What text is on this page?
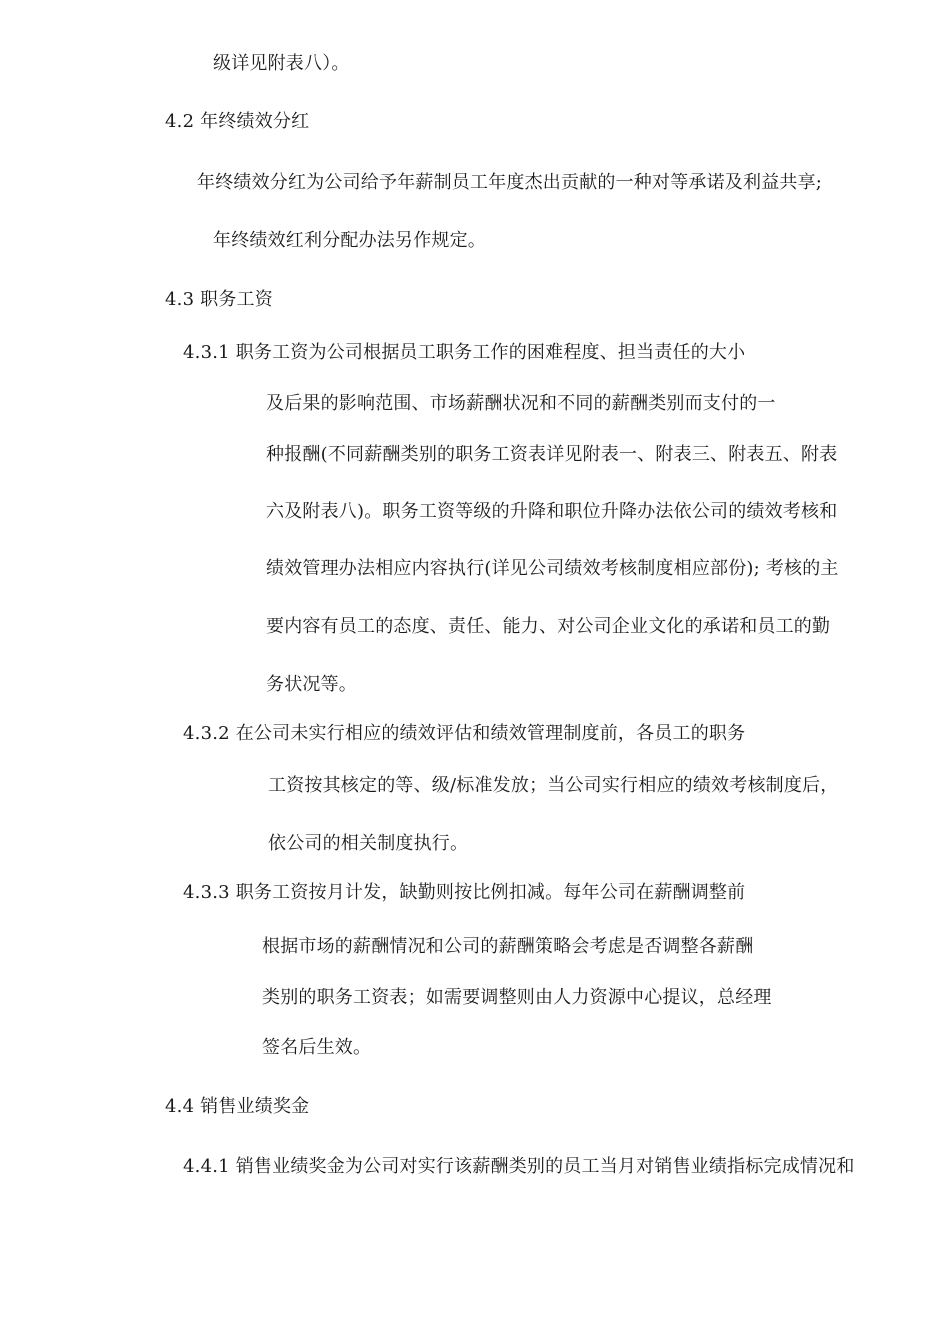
级详见附表八）。
4.2 年终绩效分红
年终绩效分红为公司给予年薪制员工年度杰出贡献的一种对等承诺及利益共享;
年终绩效红利分配办法另作规定。
4.3 职务工资
4.3.1 职务工资为公司根据员工职务工作的困难程度、担当责任的大小
及后果的影响范围、市场薪酬状况和不同的薪酬类别而支付的一
种报酬(不同薪酬类别的职务工资表详见附表一、附表三、附表五、附表
六及附表八)。职务工资等级的升降和职位升降办法依公司的绩效考核和
绩效管理办法相应内容执行(详见公司绩效考核制度相应部份); 考核的主
要内容有员工的态度、责任、能力、对公司企业文化的承诺和员工的勤
务状况等。
4.3.2 在公司未实行相应的绩效评估和绩效管理制度前，各员工的职务
工资按其核定的等、级/标准发放；当公司实行相应的绩效考核制度后，
依公司的相关制度执行。
4.3.3 职务工资按月计发，缺勤则按比例扣减。每年公司在薪酬调整前
根据市场的薪酬情况和公司的薪酬策略会考虑是否调整各薪酬
类别的职务工资表；如需要调整则由人力资源中心提议，总经理
签名后生效。
4.4 销售业绩奖金
4.4.1 销售业绩奖金为公司对实行该薪酬类别的员工当月对销售业绩指标完成情况和
